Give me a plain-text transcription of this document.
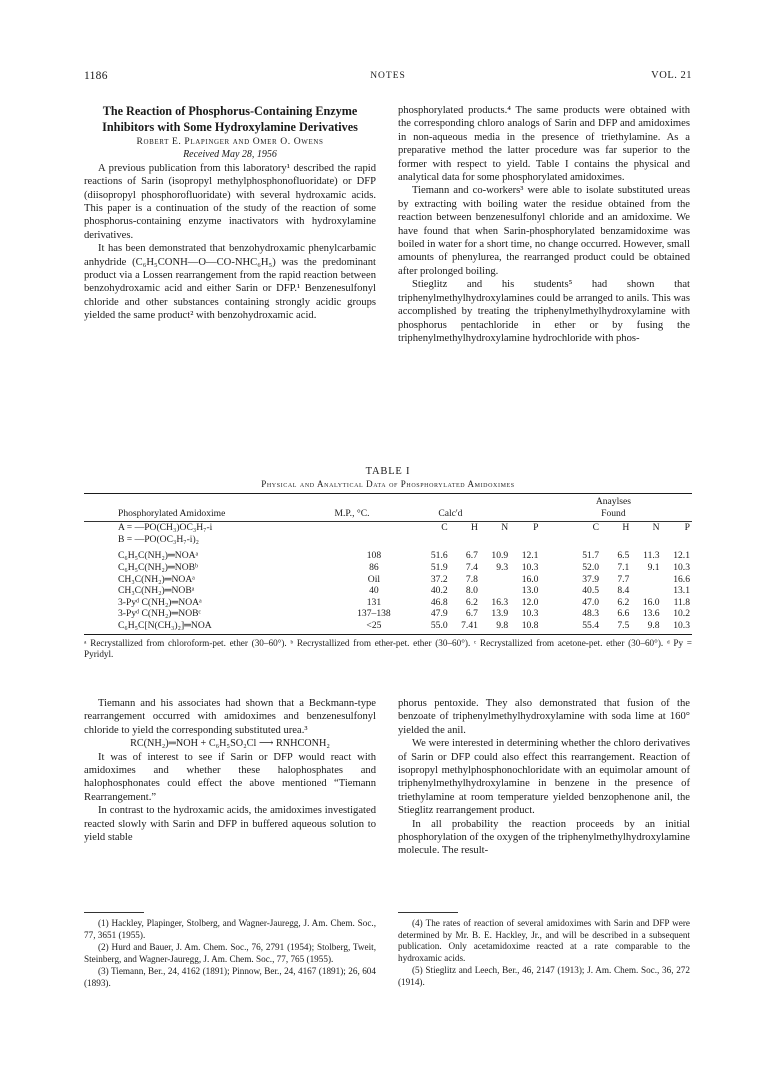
1186	NOTES	VOL. 21

The Reaction of Phosphorus-Containing Enzyme Inhibitors with Some Hydroxylamine Derivatives

Robert E. Plapinger and Omer O. Owens

Received May 28, 1956

A previous publication from this laboratory¹ described the rapid reactions of Sarin (isopropyl methylphosphonofluoridate) or DFP (diisopropyl phosphorofluoridate) with several hydroxamic acids. This paper is a continuation of the study of the reaction of some phosphorus-containing enzyme inactivators with hydroxylamine derivatives.

It has been demonstrated that benzohydroxamic phenylcarbamic anhydride (C₆H₅CONH—O—CO-NHC₆H₅) was the predominant product via a Lossen rearrangement from the rapid reaction between benzohydroxamic acid and either Sarin or DFP.¹ Benzenesulfonyl chloride and other substances containing strongly acidic groups yielded the same product² with benzohydroxamic acid.

phosphorylated products.⁴ The same products were obtained with the corresponding chloro analogs of Sarin and DFP and amidoximes in non-aqueous media in the presence of triethylamine. As a preparative method the latter procedure was far superior to the former with respect to yield. Table I contains the physical and analytical data for some phosphorylated amidoximes.

Tiemann and co-workers³ were able to isolate substituted ureas by extracting with boiling water the residue obtained from the reaction between benzenesulfonyl chloride and an amidoxime. We have found that when Sarin-phosphorylated benzamidoxime was boiled in water for a short time, no change occurred. However, small amounts of phenylurea, the rearranged product could be obtained after prolonged boiling.

Stieglitz and his students⁵ had shown that triphenylmethylhydroxylamines could be arranged to anils. This was accomplished by treating the triphenylmethylhydroxylamine with phosphorus pentachloride in ether or by fusing the triphenylmethylhydroxylamine hydrochloride with phos-

TABLE I
Physical and Analytical Data of Phosphorylated Amidoximes
				Anaylses
Phosphorylated Amidoxime	M.P., °C.	Calc'd		Found
A = —PO(CH₃)OC₃H₇-i		C	H	N	P		C	H	N	P
B = —PO(OC₃H₇-i)₂										

C₆H₅C(NH₂)═NOAᵃ	108	51.6	6.7	10.9	12.1		51.7	6.5	11.3	12.1
C₆H₅C(NH₂)═NOBᵇ	86	51.9	7.4	9.3	10.3		52.0	7.1	9.1	10.3
CH₃C(NH₂)═NOAᵃ	Oil	37.2	7.8		16.0		37.9	7.7		16.6
CH₃C(NH₂)═NOBᵃ	40	40.2	8.0		13.0		40.5	8.4		13.1
3-Pyᵈ C(NH₂)═NOAᵃ	131	46.8	6.2	16.3	12.0		47.0	6.2	16.0	11.8
3-Pyᵈ C(NH₂)═NOBᶜ	137–138	47.9	6.7	13.9	10.3		48.3	6.6	13.6	10.2
C₆H₅C[N(CH₃)₂]═NOA	<25	55.0	7.41	9.8	10.8		55.4	7.5	9.8	10.3
ᵃ Recrystallized from chloroform-pet. ether (30–60°). ᵇ Recrystallized from ether-pet. ether (30–60°). ᶜ Recrystallized from acetone-pet. ether (30–60°). ᵈ Py = Pyridyl.

Tiemann and his associates had shown that a Beckmann-type rearrangement occurred with amidoximes and benzenesulfonyl chloride to yield the corresponding substituted urea.³

RC(NH₂)═NOH + C₆H₅SO₂Cl ⟶ RNHCONH₂

It was of interest to see if Sarin or DFP would react with amidoximes and whether these halophosphates and halophosphonates could effect the above mentioned “Tiemann Rearrangement.”

In contrast to the hydroxamic acids, the amidoximes investigated reacted slowly with Sarin and DFP in buffered aqueous solution to yield stable

phorus pentoxide. They also demonstrated that fusion of the benzoate of triphenylmethylhydroxylamine with soda lime at 160° yielded the anil.

We were interested in determining whether the chloro derivatives of Sarin or DFP could also effect this rearrangement. Reaction of isopropyl methylphosphonochloridate with an equimolar amount of triphenylmethylhydroxylamine in benzene in the presence of triethylamine at room temperature yielded benzophenone anil, the Stieglitz rearrangement product.

In all probability the reaction proceeds by an initial phosphorylation of the oxygen of the triphenylmethylhydroxylamine molecule. The result-

(1) Hackley, Plapinger, Stolberg, and Wagner-Jauregg, J. Am. Chem. Soc., 77, 3651 (1955).

(2) Hurd and Bauer, J. Am. Chem. Soc., 76, 2791 (1954); Stolberg, Tweit, Steinberg, and Wagner-Jauregg, J. Am. Chem. Soc., 77, 765 (1955).

(3) Tiemann, Ber., 24, 4162 (1891); Pinnow, Ber., 24, 4167 (1891); 26, 604 (1893).

(4) The rates of reaction of several amidoximes with Sarin and DFP were determined by Mr. B. E. Hackley, Jr., and will be described in a subsequent publication. Only acetamidoxime reacted at a rate comparable to the hydroxamic acids.

(5) Stieglitz and Leech, Ber., 46, 2147 (1913); J. Am. Chem. Soc., 36, 272 (1914).
